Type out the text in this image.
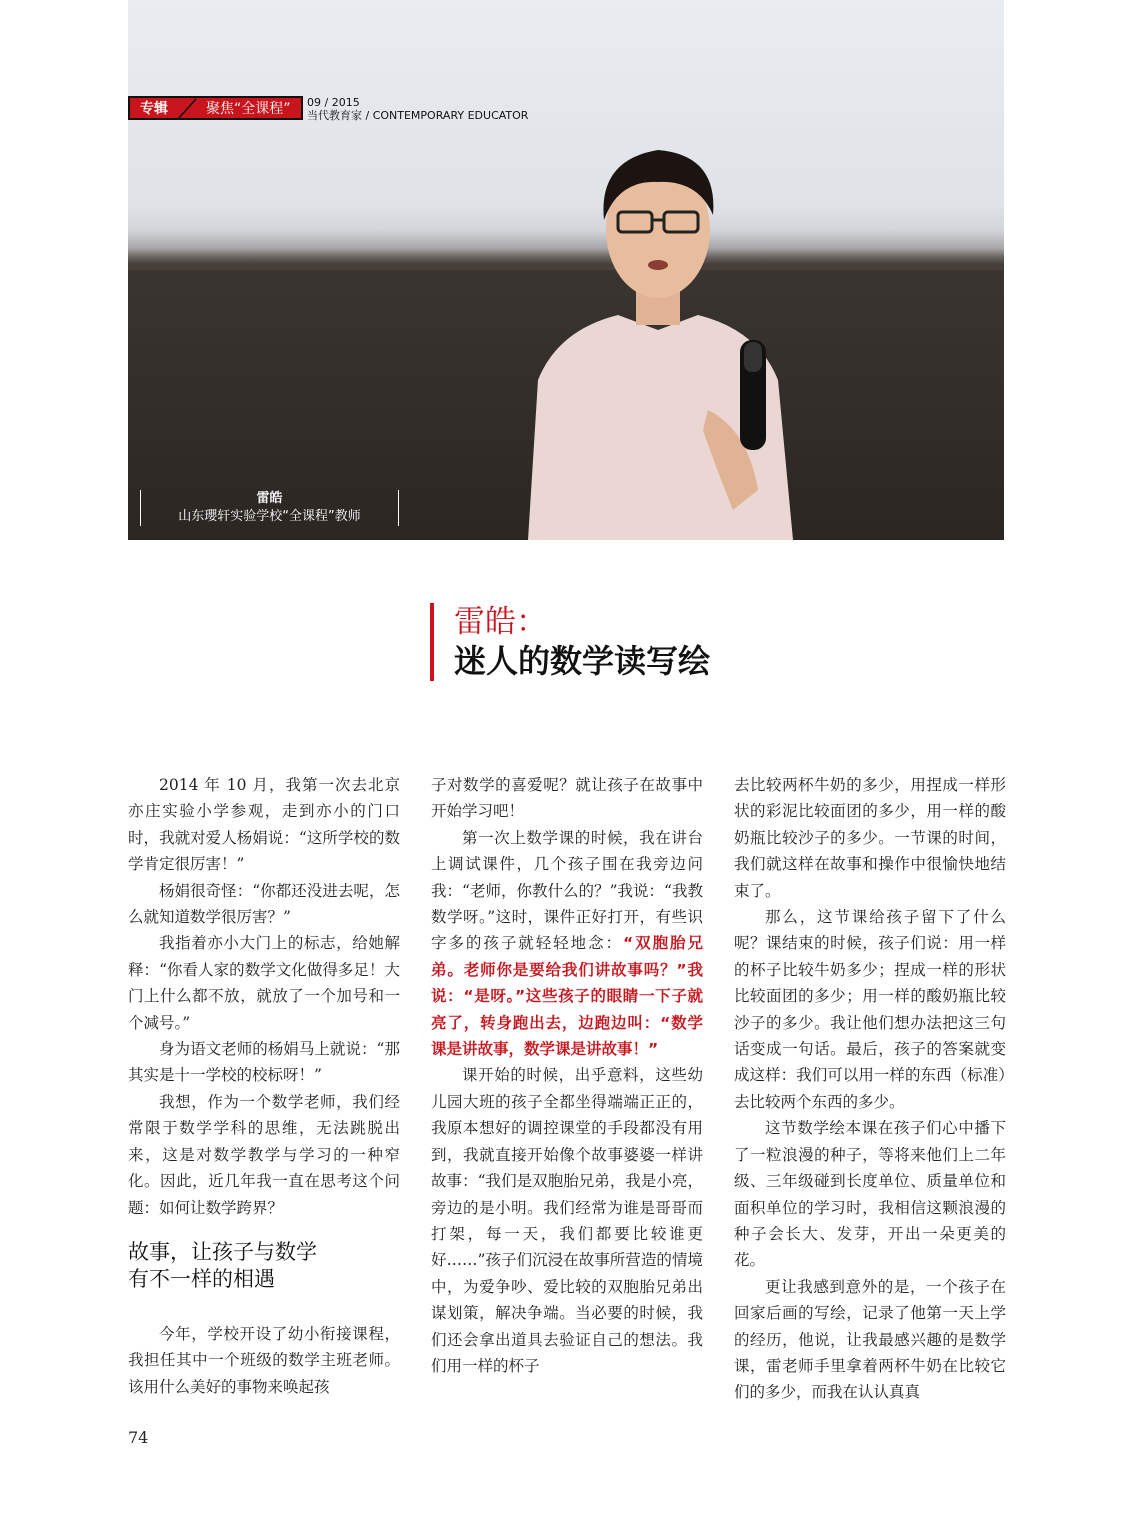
专辑	聚焦“全课程”	09 / 2015
当代教育家 / CONTEMPORARY EDUCATOR
雷皓
山东瓔轩实验学校“全课程”教师
雷皓：
迷人的数学读写绘

2014 年 10 月，我第一次去北京亦庄实验小学参观，走到亦小的门口时，我就对爱人杨娟说：“这所学校的数学肯定很厉害！”

杨娟很奇怪：“你都还没进去呢，怎么就知道数学很厉害？”

我指着亦小大门上的标志，给她解释：“你看人家的数学文化做得多足！大门上什么都不放，就放了一个加号和一个减号。”

身为语文老师的杨娟马上就说：“那其实是十一学校的校标呀！”

我想，作为一个数学老师，我们经常限于数学学科的思维，无法跳脱出来，这是对数学教学与学习的一种窄化。因此，近几年我一直在思考这个问题：如何让数学跨界？

故事，让孩子与数学
有不一样的相遇

今年，学校开设了幼小衔接课程，我担任其中一个班级的数学主班老师。该用什么美好的事物来唤起孩

子对数学的喜爱呢？就让孩子在故事中开始学习吧！

第一次上数学课的时候，我在讲台上调试课件，几个孩子围在我旁边问我：“老师，你教什么的？”我说：“我教数学呀。”这时，课件正好打开，有些识字多的孩子就轻轻地念：“双胞胎兄弟。老师你是要给我们讲故事吗？”我说：“是呀。”这些孩子的眼睛一下子就亮了，转身跑出去，边跑边叫：“数学课是讲故事，数学课是讲故事！”

课开始的时候，出乎意料，这些幼儿园大班的孩子全都坐得端端正正的，我原本想好的调控课堂的手段都没有用到，我就直接开始像个故事婆婆一样讲故事：“我们是双胞胎兄弟，我是小亮，旁边的是小明。我们经常为谁是哥哥而打架，每一天，我们都要比较谁更好……”孩子们沉浸在故事所营造的情境中，为爱争吵、爱比较的双胞胎兄弟出谋划策，解决争端。当必要的时候，我们还会拿出道具去验证自己的想法。我们用一样的杯子

去比较两杯牛奶的多少，用捏成一样形状的彩泥比较面团的多少，用一样的酸奶瓶比较沙子的多少。一节课的时间，我们就这样在故事和操作中很愉快地结束了。

那么，这节课给孩子留下了什么呢？课结束的时候，孩子们说：用一样的杯子比较牛奶多少；捏成一样的形状比较面团的多少；用一样的酸奶瓶比较沙子的多少。我让他们想办法把这三句话变成一句话。最后，孩子的答案就变成这样：我们可以用一样的东西（标准）去比较两个东西的多少。

这节数学绘本课在孩子们心中播下了一粒浪漫的种子，等将来他们上二年级、三年级碰到长度单位、质量单位和面积单位的学习时，我相信这颗浪漫的种子会长大、发芽，开出一朵更美的花。

更让我感到意外的是，一个孩子在回家后画的写绘，记录了他第一天上学的经历，他说，让我最感兴趣的是数学课，雷老师手里拿着两杯牛奶在比较它们的多少，而我在认认真真

74
